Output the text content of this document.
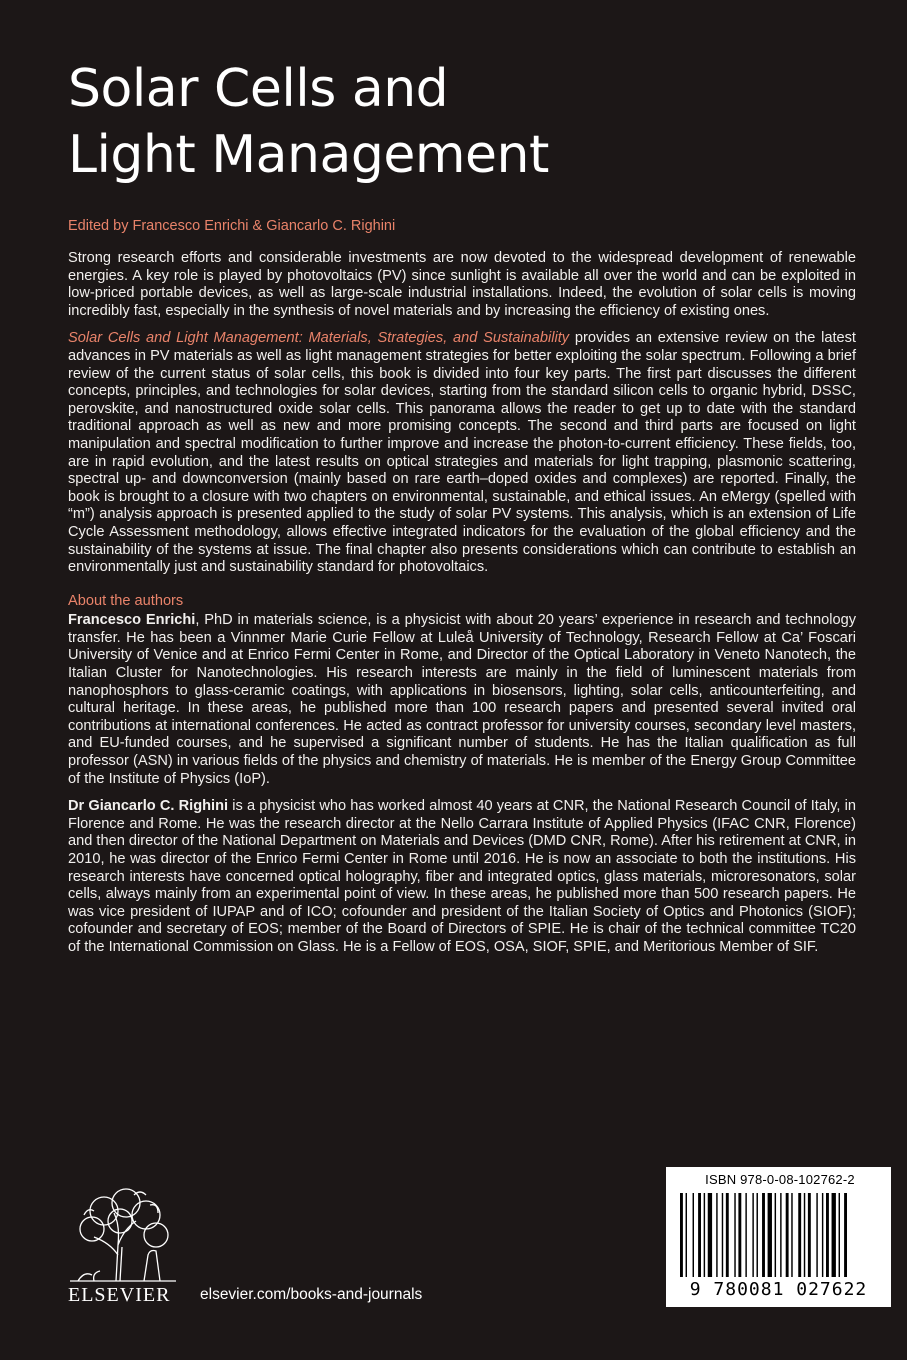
Solar Cells and
Light Management
Edited by Francesco Enrichi & Giancarlo C. Righini

Strong research efforts and considerable investments are now devoted to the widespread development of renewable energies. A key role is played by photovoltaics (PV) since sunlight is available all over the world and can be exploited in low-priced portable devices, as well as large-scale industrial installations. Indeed, the evolution of solar cells is moving incredibly fast, especially in the synthesis of novel materials and by increasing the efficiency of existing ones.

Solar Cells and Light Management: Materials, Strategies, and Sustainability provides an extensive review on the latest advances in PV materials as well as light management strategies for better exploiting the solar spectrum. Following a brief review of the current status of solar cells, this book is divided into four key parts. The first part discusses the different concepts, principles, and technologies for solar devices, starting from the standard silicon cells to organic hybrid, DSSC, perovskite, and nanostructured oxide solar cells. This panorama allows the reader to get up to date with the standard traditional approach as well as new and more promising concepts. The second and third parts are focused on light manipulation and spectral modification to further improve and increase the photon-to-current efficiency. These fields, too, are in rapid evolution, and the latest results on optical strategies and materials for light trapping, plasmonic scattering, spectral up- and downconversion (mainly based on rare earth–doped oxides and complexes) are reported. Finally, the book is brought to a closure with two chapters on environmental, sustainable, and ethical issues. An eMergy (spelled with “m”) analysis approach is presented applied to the study of solar PV systems. This analysis, which is an extension of Life Cycle Assessment methodology, allows effective integrated indicators for the evaluation of the global efficiency and the sustainability of the systems at issue. The final chapter also presents considerations which can contribute to establish an environmentally just and sustainability standard for photovoltaics.

About the authors

Francesco Enrichi, PhD in materials science, is a physicist with about 20 years’ experience in research and technology transfer. He has been a Vinnmer Marie Curie Fellow at Luleå University of Technology, Research Fellow at Ca’ Foscari University of Venice and at Enrico Fermi Center in Rome, and Director of the Optical Laboratory in Veneto Nanotech, the Italian Cluster for Nanotechnologies. His research interests are mainly in the field of luminescent materials from nanophosphors to glass-ceramic coatings, with applications in biosensors, lighting, solar cells, anticounterfeiting, and cultural heritage. In these areas, he published more than 100 research papers and presented several invited oral contributions at international conferences. He acted as contract professor for university courses, secondary level masters, and EU-funded courses, and he supervised a significant number of students. He has the Italian qualification as full professor (ASN) in various fields of the physics and chemistry of materials. He is member of the Energy Group Committee of the Institute of Physics (IoP).

Dr Giancarlo C. Righini is a physicist who has worked almost 40 years at CNR, the National Research Council of Italy, in Florence and Rome. He was the research director at the Nello Carrara Institute of Applied Physics (IFAC CNR, Florence) and then director of the National Department on Materials and Devices (DMD CNR, Rome). After his retirement at CNR, in 2010, he was director of the Enrico Fermi Center in Rome until 2016. He is now an associate to both the institutions. His research interests have concerned optical holography, fiber and integrated optics, glass materials, microresonators, solar cells, always mainly from an experimental point of view. In these areas, he published more than 500 research papers. He was vice president of IUPAP and of ICO; cofounder and president of the Italian Society of Optics and Photonics (SIOF); cofounder and secretary of EOS; member of the Board of Directors of SPIE. He is chair of the technical committee TC20 of the International Commission on Glass. He is a Fellow of EOS, OSA, SIOF, SPIE, and Meritorious Member of SIF.

ELSEVIER elsevier.com/books-and-journals
ISBN 978-0-08-102762-2
9 780081 027622
